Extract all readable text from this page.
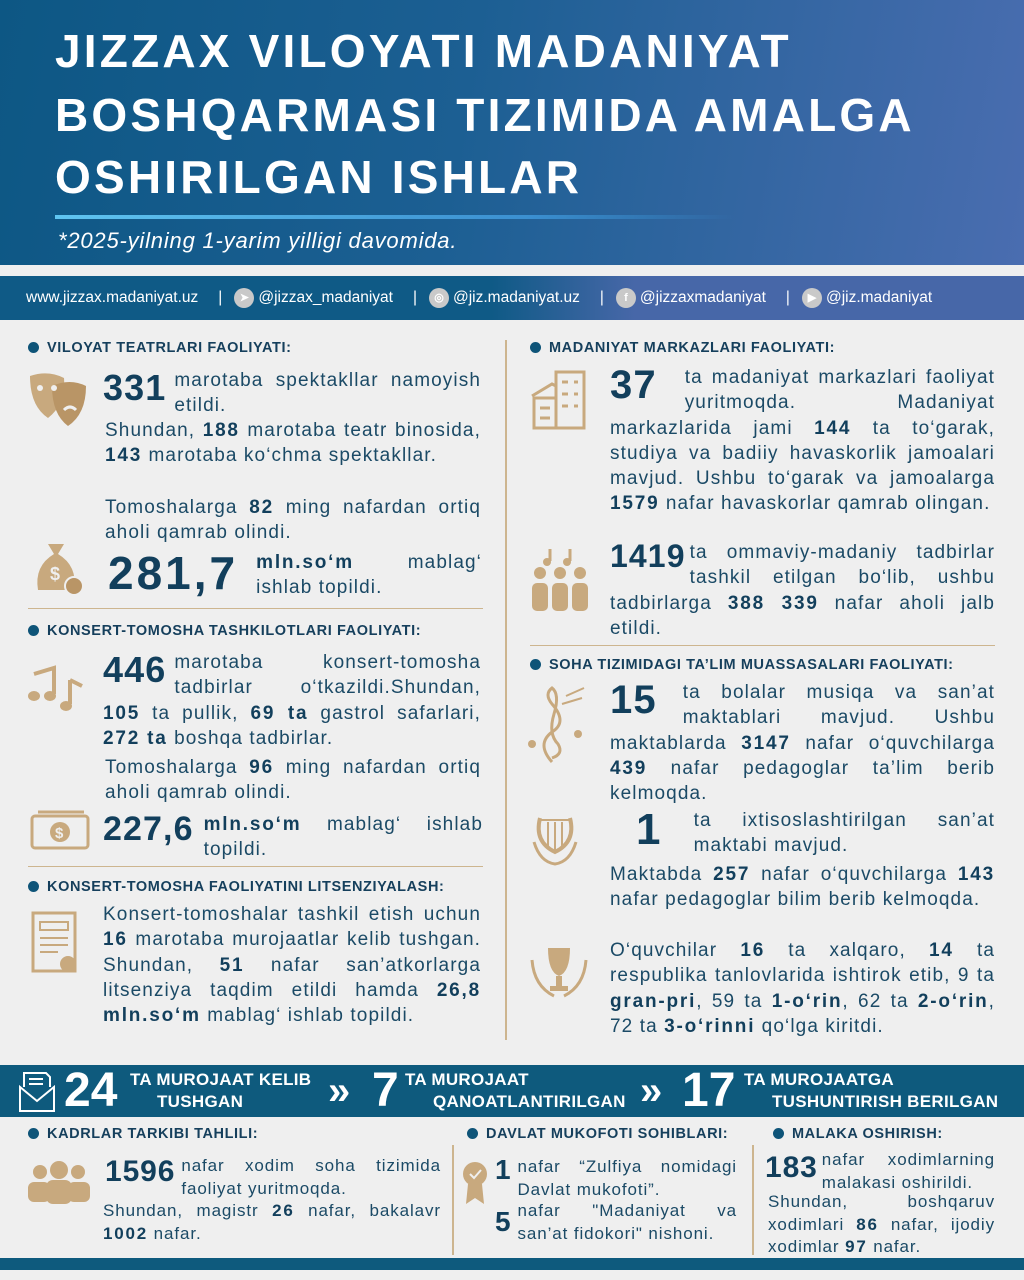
JIZZAX VILOYATI MADANIYAT
BOSHQARMASI TIZIMIDA AMALGA
OSHIRILGAN ISHLAR
*2025-yilning 1-yarim yilligi davomida.
www.jizzax.madaniyat.uz |	➤ @jizzax_madaniyat |	◎ @jiz.madaniyat.uz |	f @jizzaxmadaniyat |	▶ @jiz.madaniyat
VILOYAT TEATRLARI FAOLIYATI:
331 marotaba spektakllar namoyish etildi.
Shundan, 188 marotaba teatr binosida, 143 marotaba ko‘chma spektakllar.
Tomoshalarga 82 ming nafardan ortiq aholi qamrab olindi.
$ 281,7 mln.so‘m mablag‘ ishlab topildi.
KONSERT-TOMOSHA TASHKILOTLARI FAOLIYATI:
446 marotaba konsert-tomosha tadbirlar o‘tkazildi.Shundan, 105 ta pullik, 69 ta gastrol safarlari, 272 ta boshqa tadbirlar.
Tomoshalarga 96 ming nafardan ortiq aholi qamrab olindi.
$ 227,6 mln.so‘m mablag‘ ishlab topildi.
KONSERT-TOMOSHA FAOLIYATINI LITSENZIYALASH:
Konsert-tomoshalar tashkil etish uchun 16 marotaba murojaatlar kelib tushgan. Shundan, 51 nafar san’atkorlarga litsenziya taqdim etildi hamda 26,8 mln.so‘m mablag‘ ishlab topildi.
MADANIYAT MARKAZLARI FAOLIYATI:
37 ta madaniyat markazlari faoliyat yuritmoqda. Madaniyat markazlarida jami 144 ta to‘garak, studiya va badiiy havaskorlik jamoalari mavjud. Ushbu to‘garak va jamoalarga 1579 nafar havaskorlar qamrab olingan.
1419 ta ommaviy-madaniy tadbirlar tashkil etilgan bo‘lib, ushbu tadbirlarga 388 339 nafar aholi jalb etildi.
SOHA TIZIMIDAGI TA’LIM MUASSASALARI FAOLIYATI:
15 ta bolalar musiqa va san’at maktablari mavjud. Ushbu maktablarda 3147 nafar o‘quvchilarga 439 nafar pedagoglar ta’lim berib kelmoqda.
1 ta ixtisoslashtirilgan san’at maktabi mavjud.
Maktabda 257 nafar o‘quvchilarga 143 nafar pedagoglar bilim berib kelmoqda.
O‘quvchilar 16 ta xalqaro, 14 ta respublika tanlovlarida ishtirok etib, 9 ta gran-pri, 59 ta 1-o‘rin, 62 ta 2-o‘rin, 72 ta 3-o‘rinni qo‘lga kiritdi.
24 TA MUROJAAT KELIB
TUSHGAN » 7 TA MUROJAAT
QANOATLANTIRILGAN » 17 TA MUROJAATGA
TUSHUNTIRISH BERILGAN
KADRLAR TARKIBI TAHLILI:
1596 nafar xodim soha tizimida faoliyat yuritmoqda.
Shundan, magistr 26 nafar, bakalavr 1002 nafar.
DAVLAT MUKOFOTI SOHIBLARI:
1 nafar “Zulfiya nomidagi Davlat mukofoti”.
5 nafar "Madaniyat va san’at fidokori" nishoni.
MALAKA OSHIRISH:
183 nafar xodimlarning malakasi oshirildi.
Shundan, boshqaruv xodimlari 86 nafar, ijodiy xodimlar 97 nafar.
